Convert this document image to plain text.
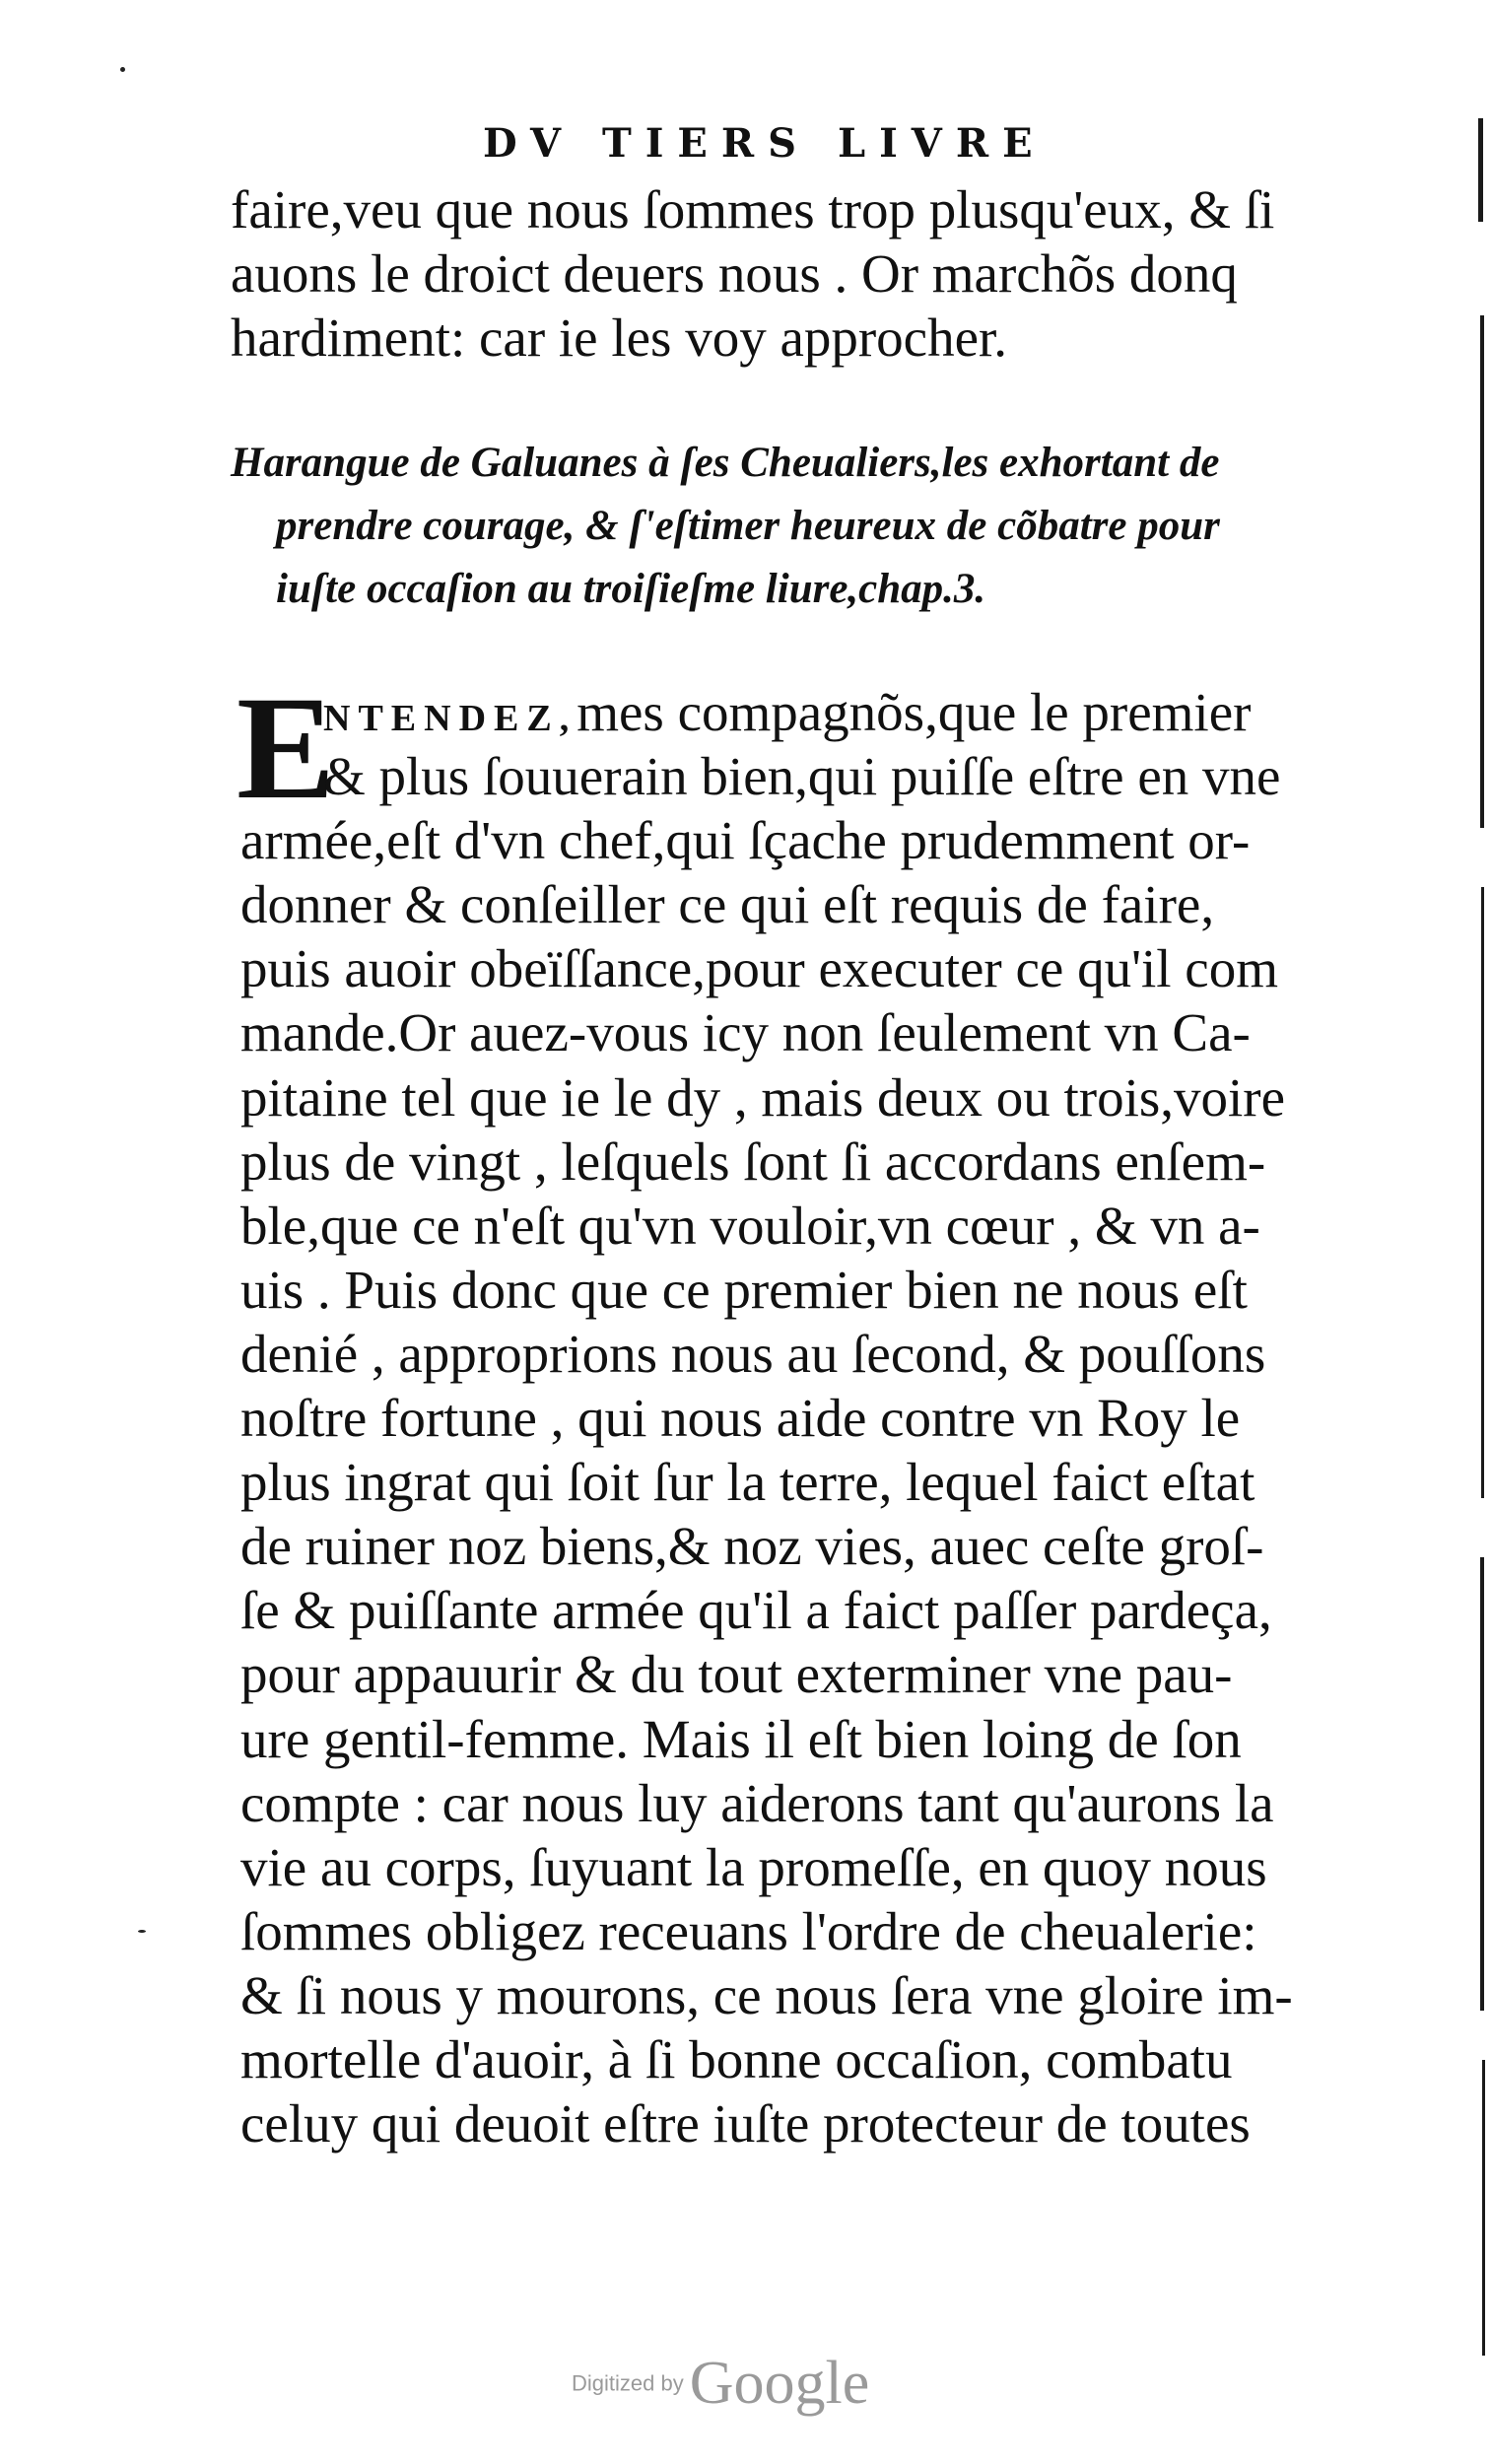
DV TIERS LIVRE
faire,veu que nous ſommes trop plusqu'eux, & ſi
auons le droict deuers nous . Or marchõs donq
hardiment: car ie les voy approcher.
Harangue de Galuanes à ſes Cheualiers,les exhortant de
prendre courage, & ſ'eſtimer heureux de cõbatre pour
iuſte occaſion au troiſieſme liure,chap.3.
E
NTENDEZ,mes compagnõs,que le premier
& plus ſouuerain bien,qui puiſſe eſtre en vne
armée,eſt d'vn chef,qui ſçache prudemment or-
donner & conſeiller ce qui eſt requis de faire,
puis auoir obeïſſance,pour executer ce qu'il com
mande.Or auez-vous icy non ſeulement vn Ca-
pitaine tel que ie le dy , mais deux ou trois,voire
plus de vingt , leſquels ſont ſi accordans enſem-
ble,que ce n'eſt qu'vn vouloir,vn cœur , & vn a-
uis . Puis donc que ce premier bien ne nous eſt
denié , approprions nous au ſecond, & pouſſons
noſtre fortune , qui nous aide contre vn Roy le
plus ingrat qui ſoit ſur la terre, lequel faict eſtat
de ruiner noz biens,& noz vies, auec ceſte groſ-
ſe & puiſſante armée qu'il a faict paſſer pardeça,
pour appauurir & du tout exterminer vne pau-
ure gentil-femme. Mais il eſt bien loing de ſon
compte : car nous luy aiderons tant qu'aurons la
vie au corps, ſuyuant la promeſſe, en quoy nous
ſommes obligez receuans l'ordre de cheualerie:
& ſi nous y mourons, ce nous ſera vne gloire im-
mortelle d'auoir, à ſi bonne occaſion, combatu
celuy qui deuoit eſtre iuſte protecteur de toutes
Digitized byGoogle
